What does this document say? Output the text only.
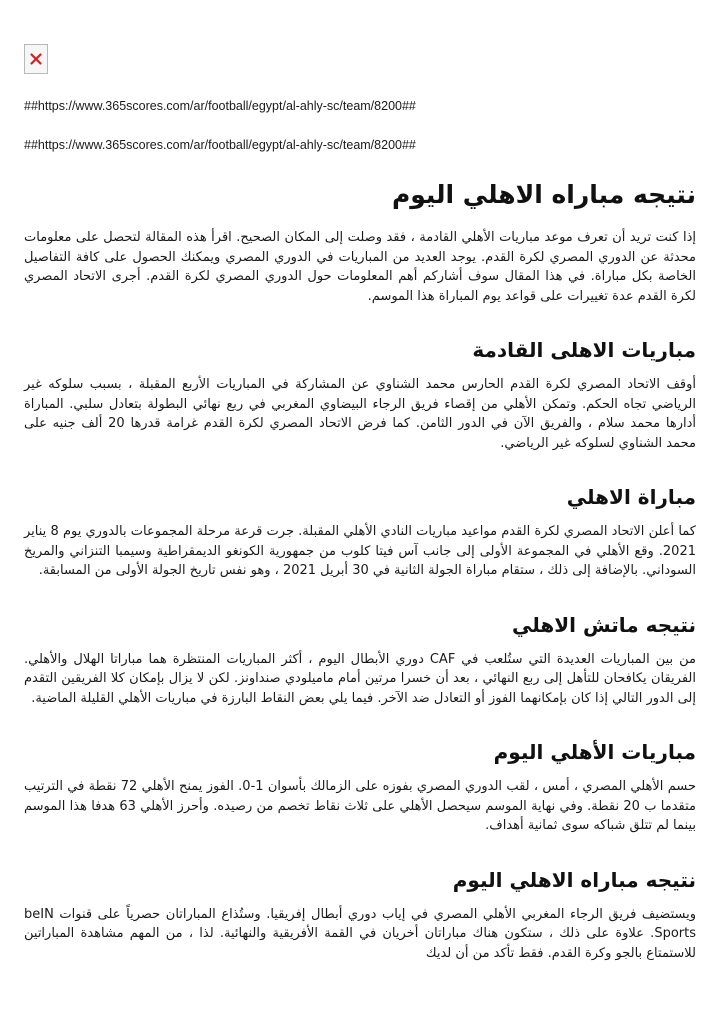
##https://www.365scores.com/ar/football/egypt/al-ahly-sc/team/8200##
##https://www.365scores.com/ar/football/egypt/al-ahly-sc/team/8200##
نتيجه مباراه الاهلي اليوم

إذا كنت تريد أن تعرف موعد مباريات الأهلي القادمة ، فقد وصلت إلى المكان الصحيح. اقرأ هذه المقالة لتحصل على معلومات محدثة عن الدوري المصري لكرة القدم. يوجد العديد من المباريات في الدوري المصري ويمكنك الحصول على كافة التفاصيل الخاصة بكل مباراة. في هذا المقال سوف أشاركم أهم المعلومات حول الدوري المصري لكرة القدم. أجرى الاتحاد المصري لكرة القدم عدة تغييرات على قواعد يوم المباراة هذا الموسم.

مباريات الاهلى القادمة

أوقف الاتحاد المصري لكرة القدم الحارس محمد الشناوي عن المشاركة في المباريات الأربع المقبلة ، بسبب سلوكه غير الرياضي تجاه الحكم. وتمكن الأهلي من إقصاء فريق الرجاء البيضاوي المغربي في ربع نهائي البطولة بتعادل سلبي. المباراة أدارها محمد سلام ، والفريق الآن في الدور الثامن. كما فرض الاتحاد المصري لكرة القدم غرامة قدرها 20 ألف جنيه على محمد الشناوي لسلوكه غير الرياضي.

مباراة الاهلي

كما أعلن الاتحاد المصري لكرة القدم مواعيد مباريات النادي الأهلي المقبلة. جرت قرعة مرحلة المجموعات بالدوري يوم 8 يناير 2021. وقع الأهلي في المجموعة الأولى إلى جانب آس فيتا كلوب من جمهورية الكونغو الديمقراطية وسيمبا التنزاني والمريخ السوداني. بالإضافة إلى ذلك ، ستقام مباراة الجولة الثانية في 30 أبريل 2021 ، وهو نفس تاريخ الجولة الأولى من المسابقة.

نتيجه ماتش الاهلي

من بين المباريات العديدة التي ستُلعب في CAF دوري الأبطال اليوم ، أكثر المباريات المنتظرة هما مباراتا الهلال والأهلي. الفريقان يكافحان للتأهل إلى ربع النهائي ، بعد أن خسرا مرتين أمام ماميلودي صنداونز. لكن لا يزال بإمكان كلا الفريقين التقدم إلى الدور التالي إذا كان بإمكانهما الفوز أو التعادل ضد الآخر. فيما يلي بعض النقاط البارزة في مباريات الأهلي القليلة الماضية.

مباريات الأهلي اليوم

حسم الأهلي المصري ، أمس ، لقب الدوري المصري بفوزه على الزمالك بأسوان 1-0. الفوز يمنح الأهلي 72 نقطة في الترتيب متقدما ب 20 نقطة. وفي نهاية الموسم سيحصل الأهلي على ثلاث نقاط تخصم من رصيده. وأحرز الأهلي 63 هدفا هذا الموسم بينما لم تتلق شباكه سوى ثمانية أهداف.

نتيجه مباراه الاهلي اليوم

ويستضيف فريق الرجاء المغربي الأهلي المصري في إياب دوري أبطال إفريقيا. وستُذاع المباراتان حصرياً على قنوات beIN Sports. علاوة على ذلك ، ستكون هناك مباراتان أخريان في القمة الأفريقية والنهائية. لذا ، من المهم مشاهدة المباراتين للاستمتاع بالجو وكرة القدم. فقط تأكد من أن لديك
